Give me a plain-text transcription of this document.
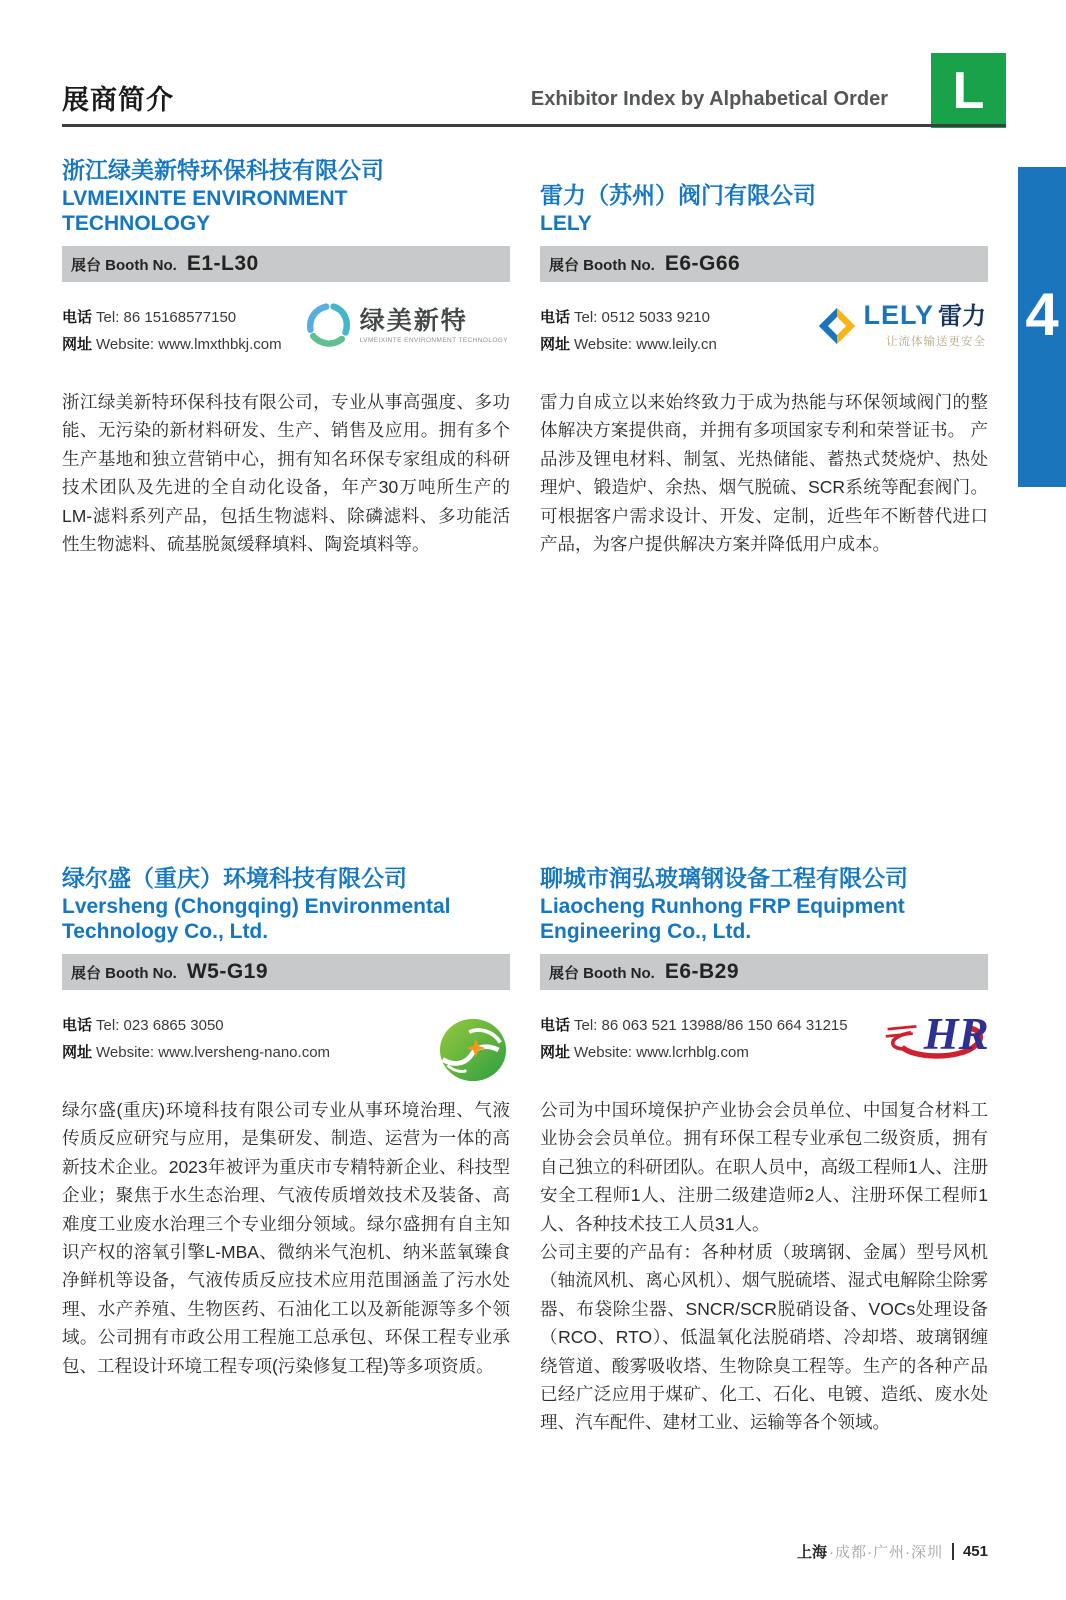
展商简介	Exhibitor Index by Alphabetical Order L
4
浙江绿美新特环保科技有限公司
LVMEIXINTE ENVIRONMENT TECHNOLOGY
展台 Booth No. E1-L30
电话 Tel: 86 15168577150
网址 Website: www.lmxthbkj.com
绿美新特
LVMEIXINTE ENVIRONMENT TECHNOLOGY

浙江绿美新特环保科技有限公司，专业从事高强度、多功能、无污染的新材料研发、生产、销售及应用。拥有多个生产基地和独立营销中心，拥有知名环保专家组成的科研技术团队及先进的全自动化设备，年产30万吨所生产的LM-滤料系列产品，包括生物滤料、除磷滤料、多功能活性生物滤料、硫基脱氮缓释填料、陶瓷填料等。

雷力（苏州）阀门有限公司
LELY
展台 Booth No. E6-G66
电话 Tel: 0512 5033 9210
网址 Website: www.leily.cn
LELY 雷力
让流体输送更安全

雷力自成立以来始终致力于成为热能与环保领域阀门的整体解决方案提供商，并拥有多项国家专利和荣誉证书。 产品涉及锂电材料、制氢、光热储能、蓄热式焚烧炉、热处理炉、锻造炉、余热、烟气脱硫、SCR系统等配套阀门。可根据客户需求设计、开发、定制，近些年不断替代进口产品，为客户提供解决方案并降低用户成本。

绿尔盛（重庆）环境科技有限公司
Lversheng (Chongqing) Environmental Technology Co., Ltd.
展台 Booth No. W5-G19
电话 Tel: 023 6865 3050
网址 Website: www.lversheng-nano.com

绿尔盛(重庆)环境科技有限公司专业从事环境治理、气液传质反应研究与应用，是集研发、制造、运营为一体的高新技术企业。2023年被评为重庆市专精特新企业、科技型企业；聚焦于水生态治理、气液传质增效技术及装备、高难度工业废水治理三个专业细分领域。绿尔盛拥有自主知识产权的溶氧引擎L-MBA、微纳米气泡机、纳米蓝氧臻食净鲜机等设备，气液传质反应技术应用范围涵盖了污水处理、水产养殖、生物医药、石油化工以及新能源等多个领域。公司拥有市政公用工程施工总承包、环保工程专业承包、工程设计环境工程专项(污染修复工程)等多项资质。

聊城市润弘玻璃钢设备工程有限公司
Liaocheng Runhong FRP Equipment Engineering Co., Ltd.
展台 Booth No. E6-B29
电话 Tel: 86 063 521 13988/86 150 664 31215
网址 Website: www.lcrhblg.com	HR

公司为中国环境保护产业协会会员单位、中国复合材料工业协会会员单位。拥有环保工程专业承包二级资质，拥有自己独立的科研团队。在职人员中，高级工程师1人、注册安全工程师1人、注册二级建造师2人、注册环保工程师1人、各种技术技工人员31人。

公司主要的产品有：各种材质（玻璃钢、金属）型号风机（轴流风机、离心风机）、烟气脱硫塔、湿式电解除尘除雾器、布袋除尘器、SNCR/SCR脱硝设备、VOCs处理设备（RCO、RTO）、低温氧化法脱硝塔、冷却塔、玻璃钢缠绕管道、酸雾吸收塔、生物除臭工程等。生产的各种产品已经广泛应用于煤矿、化工、石化、电镀、造纸、废水处理、汽车配件、建材工业、运输等各个领域。

上海 ·成都·广州·深圳	451
